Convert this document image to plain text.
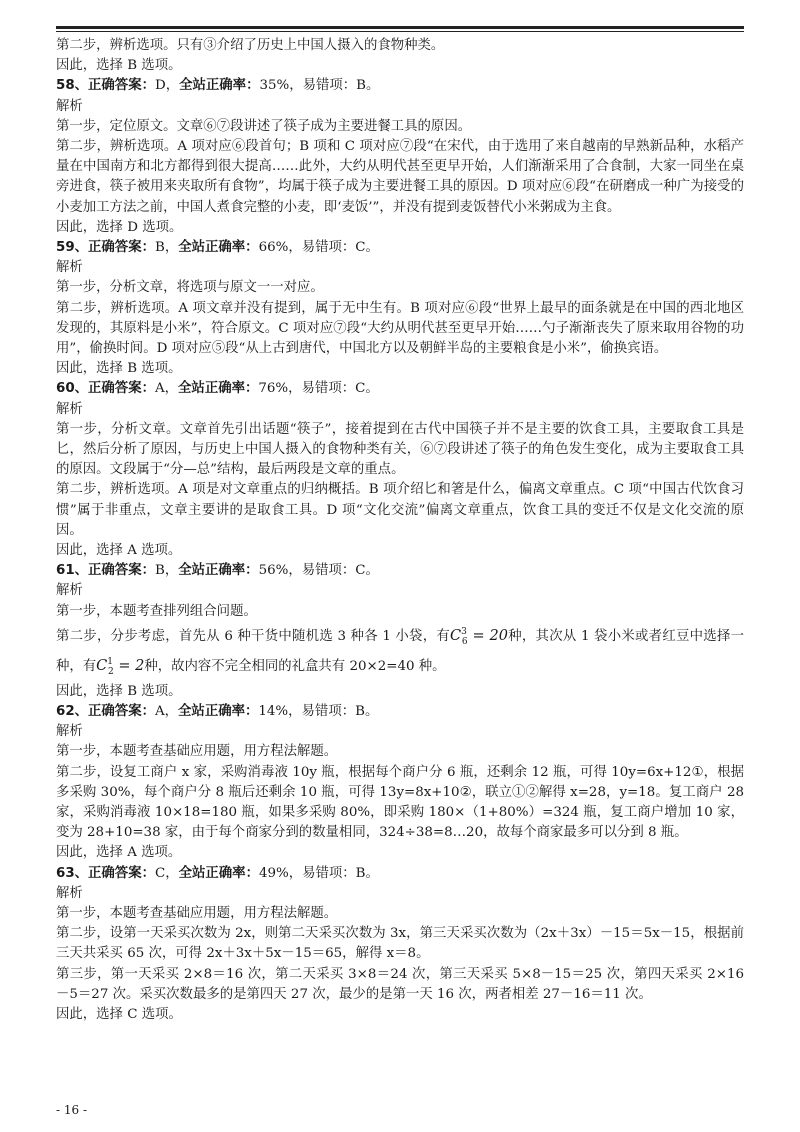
第二步，辨析选项。只有③介绍了历史上中国人摄入的食物种类。

因此，选择 B 选项。

58、正确答案：D，全站正确率：35%，易错项：B。

解析

第一步，定位原文。文章⑥⑦段讲述了筷子成为主要进餐工具的原因。

第二步，辨析选项。A 项对应⑥段首句；B 项和 C 项对应⑦段“在宋代，由于选用了来自越南的早熟新品种，水稻产量在中国南方和北方都得到很大提高……此外，大约从明代甚至更早开始，人们渐渐采用了合食制，大家一同坐在桌旁进食，筷子被用来夹取所有食物”，均属于筷子成为主要进餐工具的原因。D 项对应⑥段“在研磨成一种广为接受的小麦加工方法之前，中国人煮食完整的小麦，即‘麦饭’”，并没有提到麦饭替代小米粥成为主食。

因此，选择 D 选项。

59、正确答案：B，全站正确率：66%，易错项：C。

解析

第一步，分析文章，将选项与原文一一对应。

第二步，辨析选项。A 项文章并没有提到，属于无中生有。B 项对应⑥段“世界上最早的面条就是在中国的西北地区发现的，其原料是小米”，符合原文。C 项对应⑦段“大约从明代甚至更早开始……勺子渐渐丧失了原来取用谷物的功用”，偷换时间。D 项对应⑤段“从上古到唐代，中国北方以及朝鲜半岛的主要粮食是小米”，偷换宾语。

因此，选择 B 选项。

60、正确答案：A，全站正确率：76%，易错项：C。

解析

第一步，分析文章。文章首先引出话题“筷子”，接着提到在古代中国筷子并不是主要的饮食工具，主要取食工具是匕，然后分析了原因，与历史上中国人摄入的食物种类有关，⑥⑦段讲述了筷子的角色发生变化，成为主要取食工具的原因。文段属于“分—总”结构，最后两段是文章的重点。

第二步，辨析选项。A 项是对文章重点的归纳概括。B 项介绍匕和箸是什么，偏离文章重点。C 项“中国古代饮食习惯”属于非重点，文章主要讲的是取食工具。D 项“文化交流”偏离文章重点，饮食工具的变迁不仅是文化交流的原因。

因此，选择 A 选项。

61、正确答案：B，全站正确率：56%，易错项：C。

解析

第一步，本题考查排列组合问题。

第二步，分步考虑，首先从 6 种干货中随机选 3 种各 1 小袋，有$C^3_6 = 20$种，其次从 1 袋小米或者红豆中选择一种，有$C^1_2 = 2$种，故内容不完全相同的礼盒共有 20×2=40 种。

因此，选择 B 选项。

62、正确答案：A，全站正确率：14%，易错项：B。

解析

第一步，本题考查基础应用题，用方程法解题。

第二步，设复工商户 x 家，采购消毒液 10y 瓶，根据每个商户分 6 瓶，还剩余 12 瓶，可得 10y=6x+12①，根据多采购 30%，每个商户分 8 瓶后还剩余 10 瓶，可得 13y=8x+10②，联立①②解得 x=28，y=18。复工商户 28 家，采购消毒液 10×18=180 瓶，如果多采购 80%，即采购 180×（1+80%）=324 瓶，复工商户增加 10 家，变为 28+10=38 家，由于每个商家分到的数量相同，324÷38=8…20，故每个商家最多可以分到 8 瓶。

因此，选择 A 选项。

63、正确答案：C，全站正确率：49%，易错项：B。

解析

第一步，本题考查基础应用题，用方程法解题。

第二步，设第一天采买次数为 2x，则第二天采买次数为 3x，第三天采买次数为（2x＋3x）－15＝5x－15，根据前三天共采买 65 次，可得 2x＋3x＋5x－15＝65，解得 x＝8。

第三步，第一天采买 2×8＝16 次，第二天采买 3×8＝24 次，第三天采买 5×8－15＝25 次，第四天采买 2×16－5＝27 次。采买次数最多的是第四天 27 次，最少的是第一天 16 次，两者相差 27－16＝11 次。

因此，选择 C 选项。

- 16 -
